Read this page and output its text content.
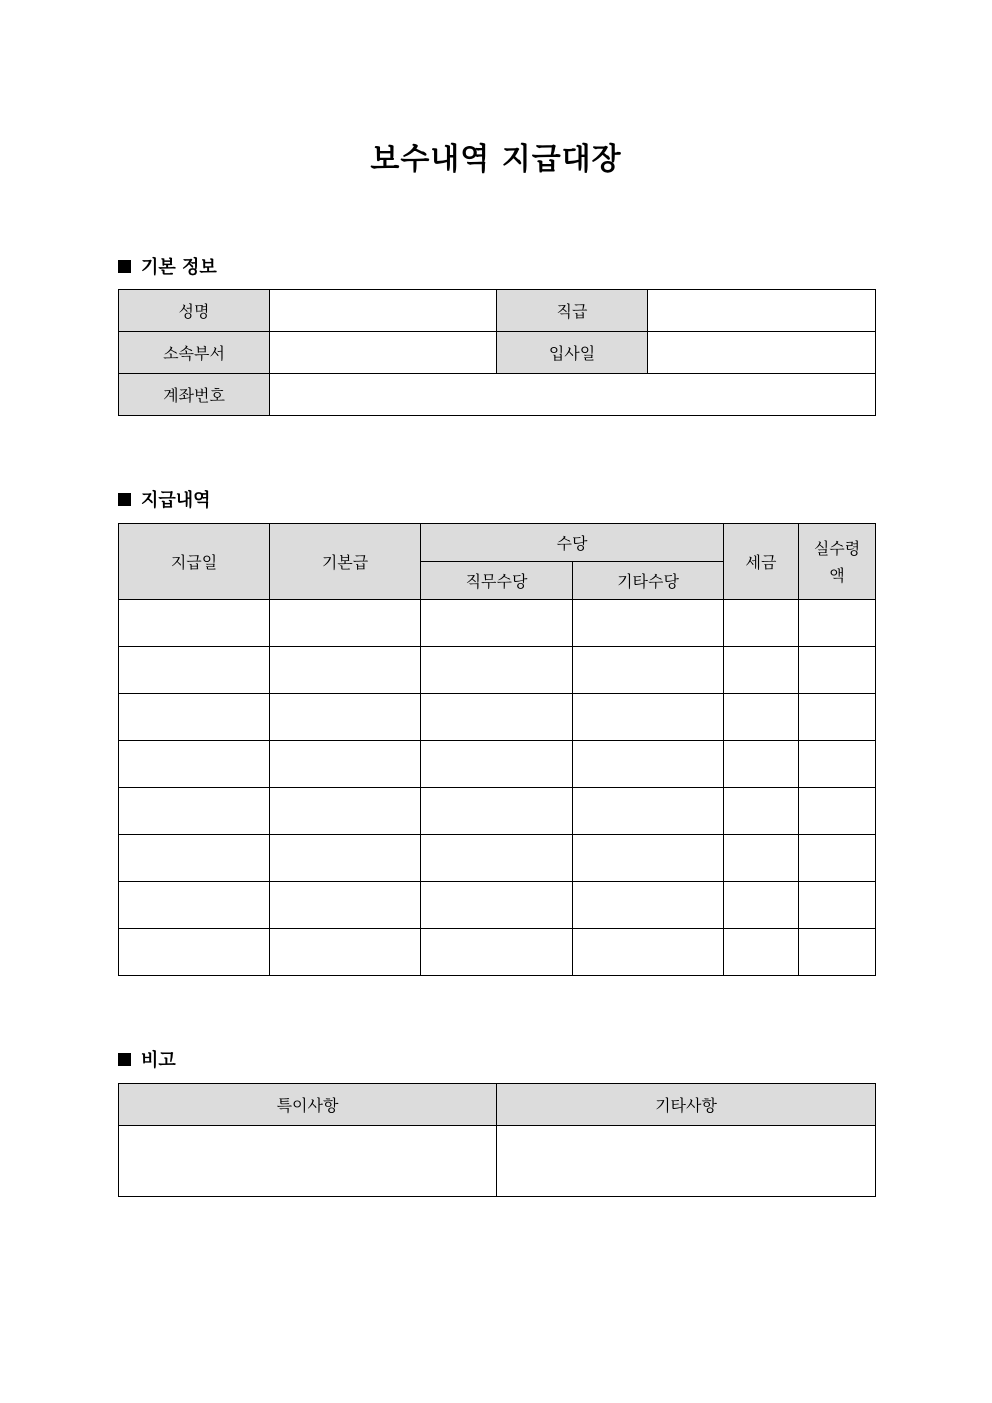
보수내역 지급대장
기본 정보
성명		직급	
소속부서		입사일	
계좌번호			
지급내역
지급일	기본급	수당		세금	실수령액
		직무수당	기타수당		

비고
특이사항	기타사항
